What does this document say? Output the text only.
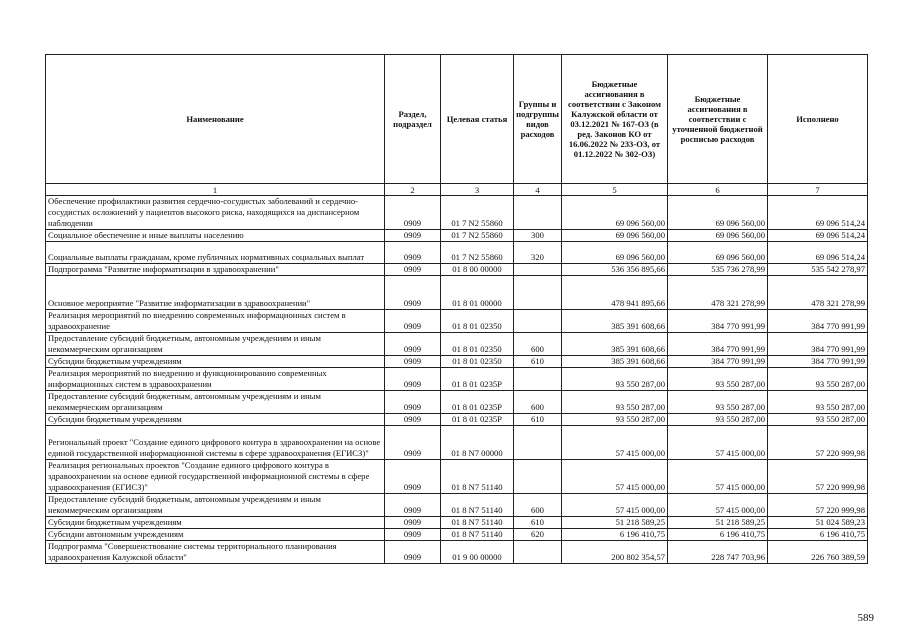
Наименование	Раздел, подраздел	Целевая статья	Группы и подгруппы видов расходов	Бюджетные ассигнования в соответствии с Законом Калужской области от 03.12.2021 № 167-ОЗ (в ред. Законов КО от 16.06.2022 № 233-ОЗ, от 01.12.2022 № 302-ОЗ)	Бюджетные ассигнования в соответствии с уточненной бюджетной росписью расходов	Исполнено
1	2	3	4	5	6	7
Обеспечение профилактики развития сердечно-сосудистых заболеваний и сердечно-сосудистых осложнений у пациентов высокого риска, находящихся на диспансерном наблюдении	0909	01 7 N2 55860		69 096 560,00	69 096 560,00	69 096 514,24
Социальное обеспечение и иные выплаты населению	0909	01 7 N2 55860	300	69 096 560,00	69 096 560,00	69 096 514,24
Социальные выплаты гражданам, кроме публичных нормативных социальных выплат	0909	01 7 N2 55860	320	69 096 560,00	69 096 560,00	69 096 514,24
Подпрограмма "Развитие информатизации в здравоохранении"	0909	01 8 00 00000		536 356 895,66	535 736 278,99	535 542 278,97
Основное мероприятие "Развитие информатизации в здравоохранении"	0909	01 8 01 00000		478 941 895,66	478 321 278,99	478 321 278,99
Реализация мероприятий по внедрению современных информационных систем в здравоохранение	0909	01 8 01 02350		385 391 608,66	384 770 991,99	384 770 991,99
Предоставление субсидий бюджетным, автономным учреждениям и иным некоммерческим организациям	0909	01 8 01 02350	600	385 391 608,66	384 770 991,99	384 770 991,99
Субсидии бюджетным учреждениям	0909	01 8 01 02350	610	385 391 608,66	384 770 991,99	384 770 991,99
Реализация мероприятий по внедрению и функционированию современных информационных систем в здравоохранении	0909	01 8 01 0235P		93 550 287,00	93 550 287,00	93 550 287,00
Предоставление субсидий бюджетным, автономным учреждениям и иным некоммерческим организациям	0909	01 8 01 0235P	600	93 550 287,00	93 550 287,00	93 550 287,00
Субсидии бюджетным учреждениям	0909	01 8 01 0235P	610	93 550 287,00	93 550 287,00	93 550 287,00
Региональный проект "Создание единого цифрового контура в здравоохранении на основе единой государственной информационной системы в сфере здравоохранения (ЕГИСЗ)"	0909	01 8 N7 00000		57 415 000,00	57 415 000,00	57 220 999,98
Реализация региональных проектов "Создание единого цифрового контура в здравоохранении на основе единой государственной информационной системы в сфере здравоохранения (ЕГИСЗ)"	0909	01 8 N7 51140		57 415 000,00	57 415 000,00	57 220 999,98
Предоставление субсидий бюджетным, автономным учреждениям и иным некоммерческим организациям	0909	01 8 N7 51140	600	57 415 000,00	57 415 000,00	57 220 999,98
Субсидии бюджетным учреждениям	0909	01 8 N7 51140	610	51 218 589,25	51 218 589,25	51 024 589,23
Субсидии автономным учреждениям	0909	01 8 N7 51140	620	6 196 410,75	6 196 410,75	6 196 410,75
Подпрограмма "Совершенствование системы территориального планирования здравоохранения Калужской области"	0909	01 9 00 00000		200 802 354,57	228 747 703,96	226 760 389,59
589
